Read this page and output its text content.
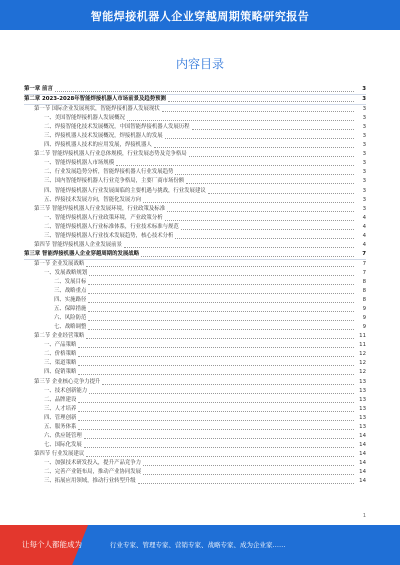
智能焊接机器人企业穿越周期策略研究报告
内容目录
第一章 前言	3
第二章 2023-2028年智能焊接机器人市场前景及趋势预测	3
第一节 国际企业发展现状，智能焊接机器人发展现状	3
一、美国智能焊接机器人发展概况	3
二、焊接智能化技术发展概况，中国智能焊接机器人发展历程	3
三、焊接机器人技术发展概况，焊接机器人的发展	3
四、焊接机器人技术的应用发展，焊接机器人	3
第二节 智能焊接机器人行业总体规模，行业发展态势及竞争格局	3
一、智能焊接机器人市场规模	3
二、行业发展趋势分析，智能焊接机器人行业发展趋势	3
三、国内智能焊接机器人行业竞争格局，主要厂商市场份额	3
四、智能焊接机器人行业发展面临的主要机遇与挑战，行业发展建议	3
五、焊接技术发展方向，智能化发展方向	3
第三节 智能焊接机器人行业发展环境，行业政策及标准	3
一、智能焊接机器人行业政策环境，产业政策分析	4
二、智能焊接机器人行业标准体系，行业技术标准与规范	4
三、智能焊接机器人行业技术发展趋势，核心技术分析	4
第四节 智能焊接机器人企业发展前景	4
第三章 智能焊接机器人企业穿越周期的发展战略	7
第一节 企业发展战略	7
一、发展战略规划	7
二、发展目标	8
三、战略重点	8
四、实施路径	8
五、保障措施	9
六、风险防范	9
七、战略调整	9
第二节 企业经营策略	11
一、产品策略	11
二、价格策略	12
三、渠道策略	12
四、促销策略	12
第三节 企业核心竞争力提升	13
一、技术创新能力	13
二、品牌建设	13
三、人才培养	13
四、管理创新	13
五、服务体系	13
六、供应链管理	14
七、国际化发展	14
第四节 行业发展建议	14
一、加强技术研发投入，提升产品竞争力	14
二、完善产业链布局，推动产业协同发展	14
三、拓展应用领域，推动行业转型升级	14
1
让每个人都能成为	行业专家、管理专家、营销专家、战略专家、成为企业家……
